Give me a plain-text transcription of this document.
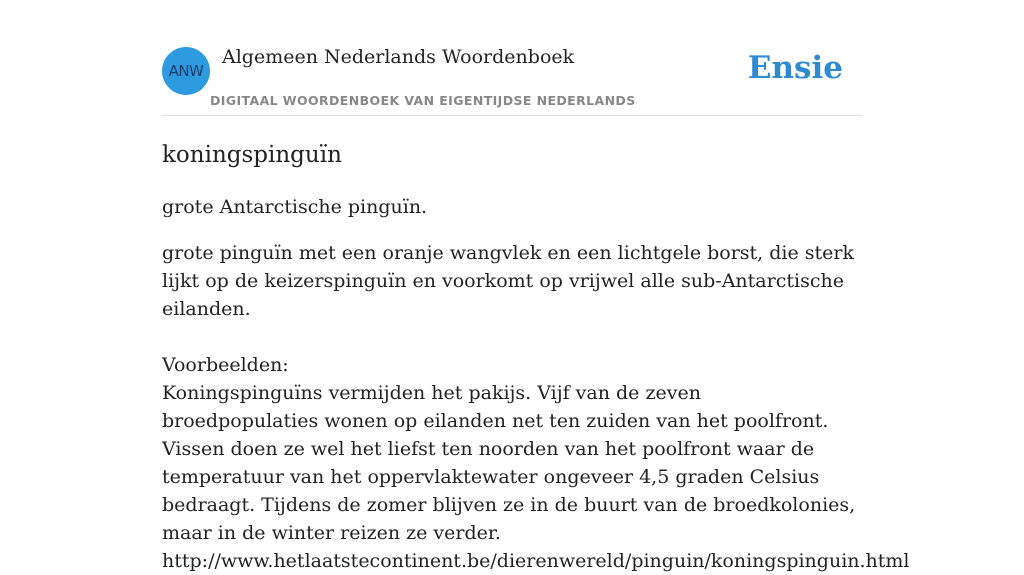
ANW
Algemeen Nederlands Woordenboek
DIGITAAL WOORDENBOEK VAN EIGENTIJDSE NEDERLANDS
Ensie
koningspinguïn

grote Antarctische pinguïn.

grote pinguïn met een oranje wangvlek en een lichtgele borst, die sterk lijkt op de keizerspinguïn en voorkomt op vrijwel alle sub-Antarctische eilanden.

Voorbeelden:

Koningspinguïns vermijden het pakijs. Vijf van de zeven broedpopulaties wonen op eilanden net ten zuiden van het poolfront. Vissen doen ze wel het liefst ten noorden van het poolfront waar de temperatuur van het oppervlaktewater ongeveer 4,5 graden Celsius bedraagt. Tijdens de zomer blijven ze in de buurt van de broedkolonies, maar in de winter reizen ze verder.

http://www.hetlaatstecontinent.be/dierenwereld/pinguin/koningspinguin.html
